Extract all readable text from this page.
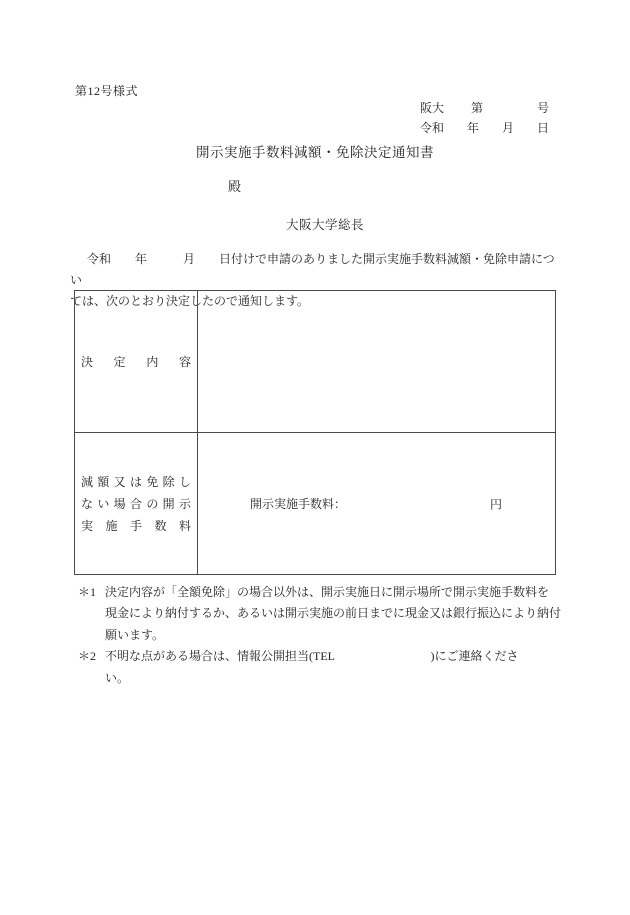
第12号様式
阪大 第	号
令和 年 月 日
開示実施手数料減額・免除決定通知書
殿
大阪大学総長
令和　　年　　　月　　日付けで申請のありました開示実施手数料減額・免除申請につい
ては、次のとおり決定したので通知します。
決 定 内 容
減 額 又 は 免 除 し
な い 場 合 の 開 示
実 施 手 数 料
開示実施手数料：	円
＊1 決定内容が「全額免除」の場合以外は、開示実施日に開示場所で開示実施手数料を
現金により納付するか、あるいは開示実施の前日までに現金又は銀行振込により納付
願います。
＊2 不明な点がある場合は、情報公開担当(TEL　　　　　　　　)にご連絡くださ
い。
